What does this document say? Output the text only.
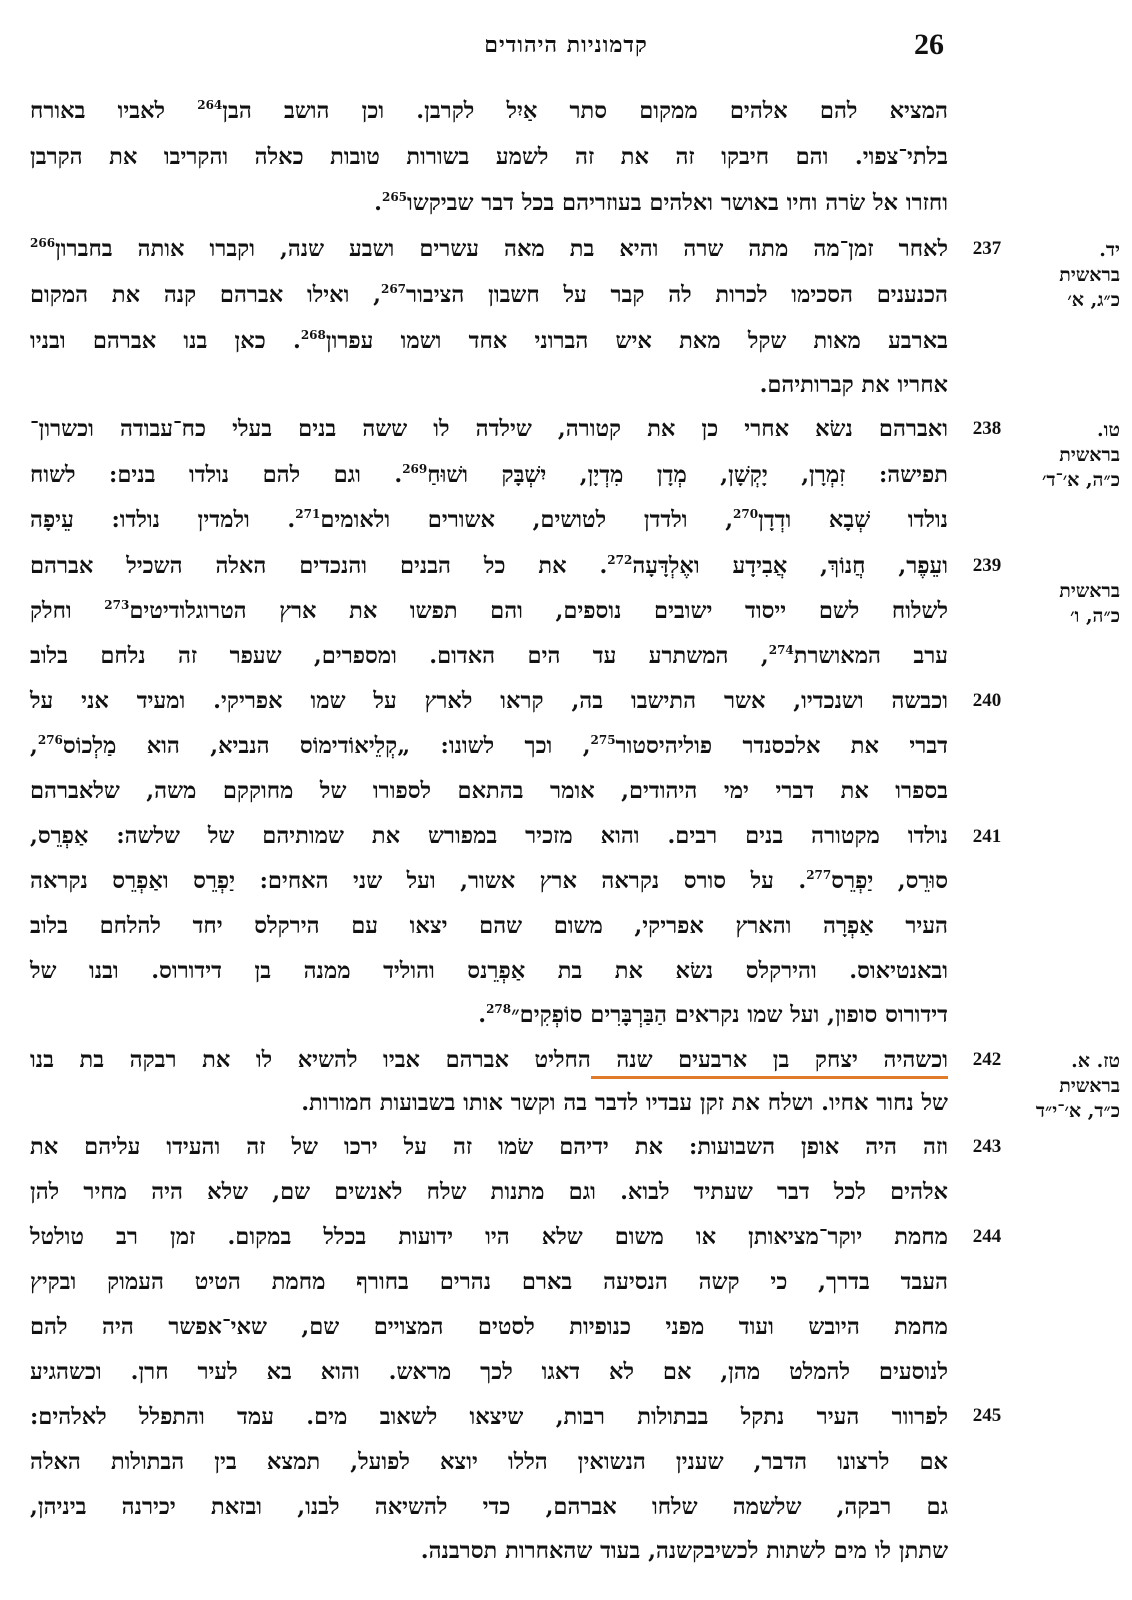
26
קדמוניות היהודים
המציא להם אלהים ממקום סתר אַיִל לקרבן. וכן הושב הבן$^{264}$ לאביו באורח
בלתי־צפוי. והם חיבקו זה את זה לשמע בשורות טובות כאלה והקריבו את הקרבן
וחזרו אל שׂרה וחיו באושר ואלהים בעוזריהם בכל דבר שביקשו$^{265}$.
לאחר זמן־מה מתה שרה והיא בת מאה עשרים ושבע שנה, וקברו אותה בחברון$^{266}$
הכנענים הסכימו לכרות לה קבר על חשבון הציבור$^{267}$, ואילו אברהם קנה את המקום
בארבע מאות שקל מאת איש הברוני אחד ושמו עפרון$^{268}$. כאן בנו אברהם ובניו
אחריו את קברותיהם.
ואברהם נשׂא אחרי כן את קטורה, שילדה לו ששה בנים בעלי כח־עבודה וכשרון־
תפישה: זִמְרָן, יָקְשָׁן, מְדָן מִדְיָן, יִשְׁבָּק ושׁוּחַ$^{269}$. וגם להם נולדו בנים: לשוח
נולדו שְׁבָא ודְדָן$^{270}$, ולדדן לטושים, אשורים ולאומים$^{271}$. ולמדין נולדו: עֵיפָה
ועֵפֶר, חֲנוֹךְ, אֲבִידָע ואֶלְדָּעָה$^{272}$. את כל הבנים והנכדים האלה השכיל אברהם
לשלוח לשם ייסוד ישובים נוספים, והם תפשו את ארץ הטרוגלודיטים$^{273}$ וחלק
ערב המאושרת$^{274}$, המשתרע עד הים האדום. ומספרים, שעפר זה נלחם בלוב
וכבשה ושנכדיו, אשר התישבו בה, קראו לארץ על שמו אפריקי. ומעיד אני על
דברי את אלכסנדר פוליהיסטור$^{275}$, וכך לשונו: „קְלֵיאוֹדימוֹס הנביא, הוא מַלְכוֹס$^{276}$,
בספרו את דברי ימי היהודים, אומר בהתאם לספורו של מחוקקם משה, שלאברהם
נולדו מקטורה בנים רבים. והוא מזכיר במפורש את שמותיהם של שלשה: אַפְרֵס,
סוּרֵס, יַפְרֵס$^{277}$. על סורס נקראה ארץ אשור, ועל שני האחים: יַפְרֵס ואַפְרֵס נקראה
העיר אַפְרָה והארץ אפריקי, משום שהם יצאו עם הירקלס יחד להלחם בלוב
ובאנטיאוס. והירקלס נשׂא את בת אַפְרֵנס והוליד ממנה בן דידורוס. ובנו של
דידורוס סופון, ועל שמו נקראים הַבַּרְבָּרִים סוֹפְקִים״$^{278}$.
וכשהיה יצחק בן ארבעים שנה החליט אברהם אביו להשיא לו את רבקה בת בנו
של נחור אחיו. ושלח את זקן עבדיו לדבר בה וקשר אותו בשבועות חמורות.
וזה היה אופן השבועות: את ידיהם שׂמו זה על ירכו של זה והעידו עליהם את
אלהים לכל דבר שעתיד לבוא. וגם מתנות שלח לאנשים שם, שלא היה מחיר להן
מחמת יוקר־מציאותן או משום שלא היו ידועות בכלל במקום. זמן רב טולטל
העבד בדרך, כי קשה הנסיעה בארם נהרים בחורף מחמת הטיט העמוק ובקיץ
מחמת היובש ועוד מפני כנופיות לסטים המצויים שם, שאי־אפשר היה להם
לנוסעים להמלט מהן, אם לא דאגו לכך מראש. והוא בא לעיר חרן. וכשהגיע
לפרוור העיר נתקל בבתולות רבות, שיצאו לשאוב מים. עמד והתפלל לאלהים:
אם לרצונו הדבר, שענין הנשואין הללו יוצא לפועל, תמצא בין הבתולות האלה
גם רבקה, שלשמה שלחו אברהם, כדי להשיאה לבנו, ובזאת יכירנה ביניהן,
שתתן לו מים לשתות לכשיבקשנה, בעוד שהאחרות תסרבנה.
237
238
239
240
241
242
243
244
245
יד.
בראשית
כ״ג, א׳
טו.
בראשית
כ״ה, א׳־ד׳
בראשית
כ״ה, ו׳
טז. א.
בראשית
כ״ד, א׳־י״ד
